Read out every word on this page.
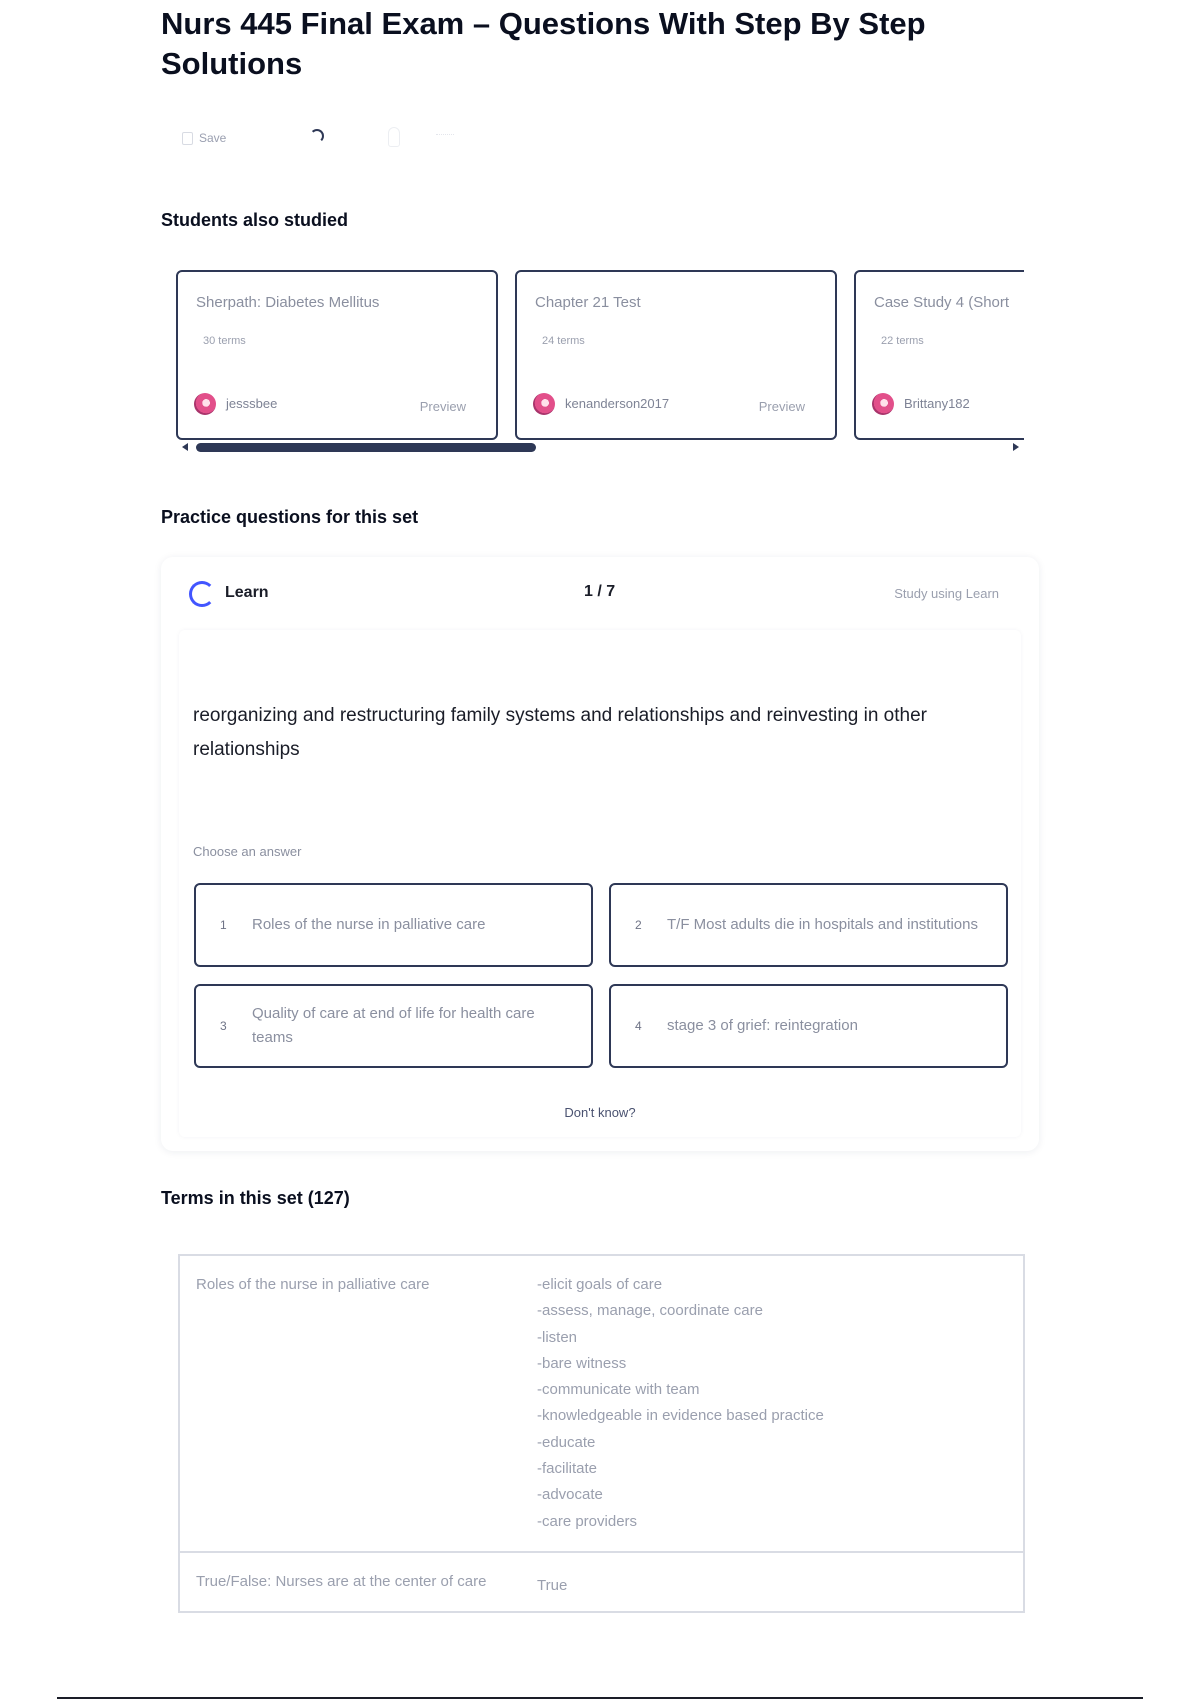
Nurs 445 Final Exam – Questions With Step By Step Solutions
Save
Students also studied
Sherpath: Diabetes Mellitus
30 terms
jesssbee	Preview
Chapter 21 Test
24 terms
kenanderson2017	Preview
Case Study 4 (Short
22 terms
Brittany182
Practice questions for this set
Learn	1 / 7	Study using Learn

reorganizing and restructuring family systems and relationships and reinvesting in other relationships

Choose an answer

1 Roles of the nurse in palliative care	2 T/F Most adults die in hospitals and institutions
3
Quality of care at end of life for health care teams
4 stage 3 of grief: reintegration
Don't know?
Terms in this set (127)
Roles of the nurse in palliative care	-elicit goals of care
-assess, manage, coordinate care
-listen
-bare witness
-communicate with team
-knowledgeable in evidence based practice
-educate
-facilitate
-advocate
-care providers
True/False: Nurses are at the center of care	True
